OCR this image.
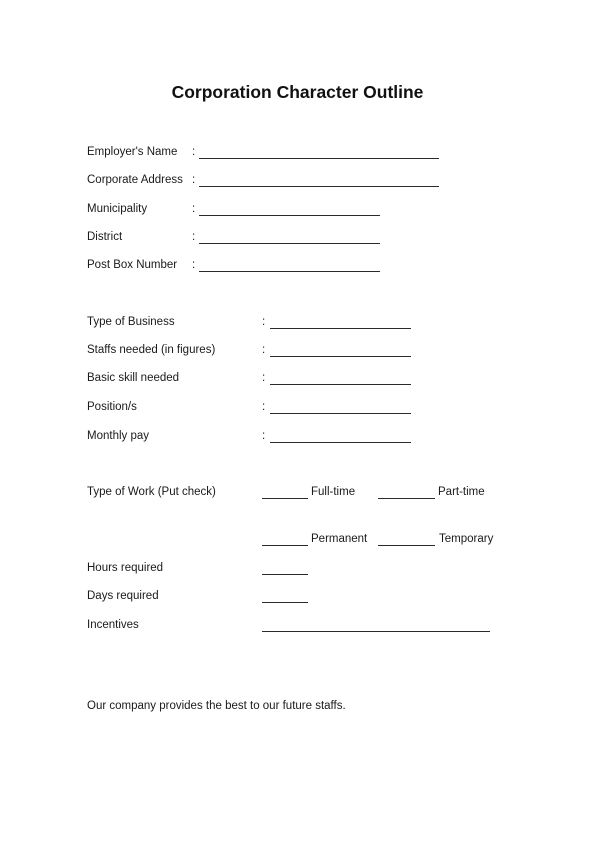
Corporation Character Outline
Employer's Name :
Corporate Address :
Municipality	:
District	:
Post Box Number :
Type of Business	:
Staffs needed (in figures)	:
Basic skill needed	:
Position/s	:
Monthly pay	:
Type of Work (Put check)	Full-time	Part-time
Permanent	Temporary
Hours required
Days required
Incentives
Our company provides the best to our future staffs.
